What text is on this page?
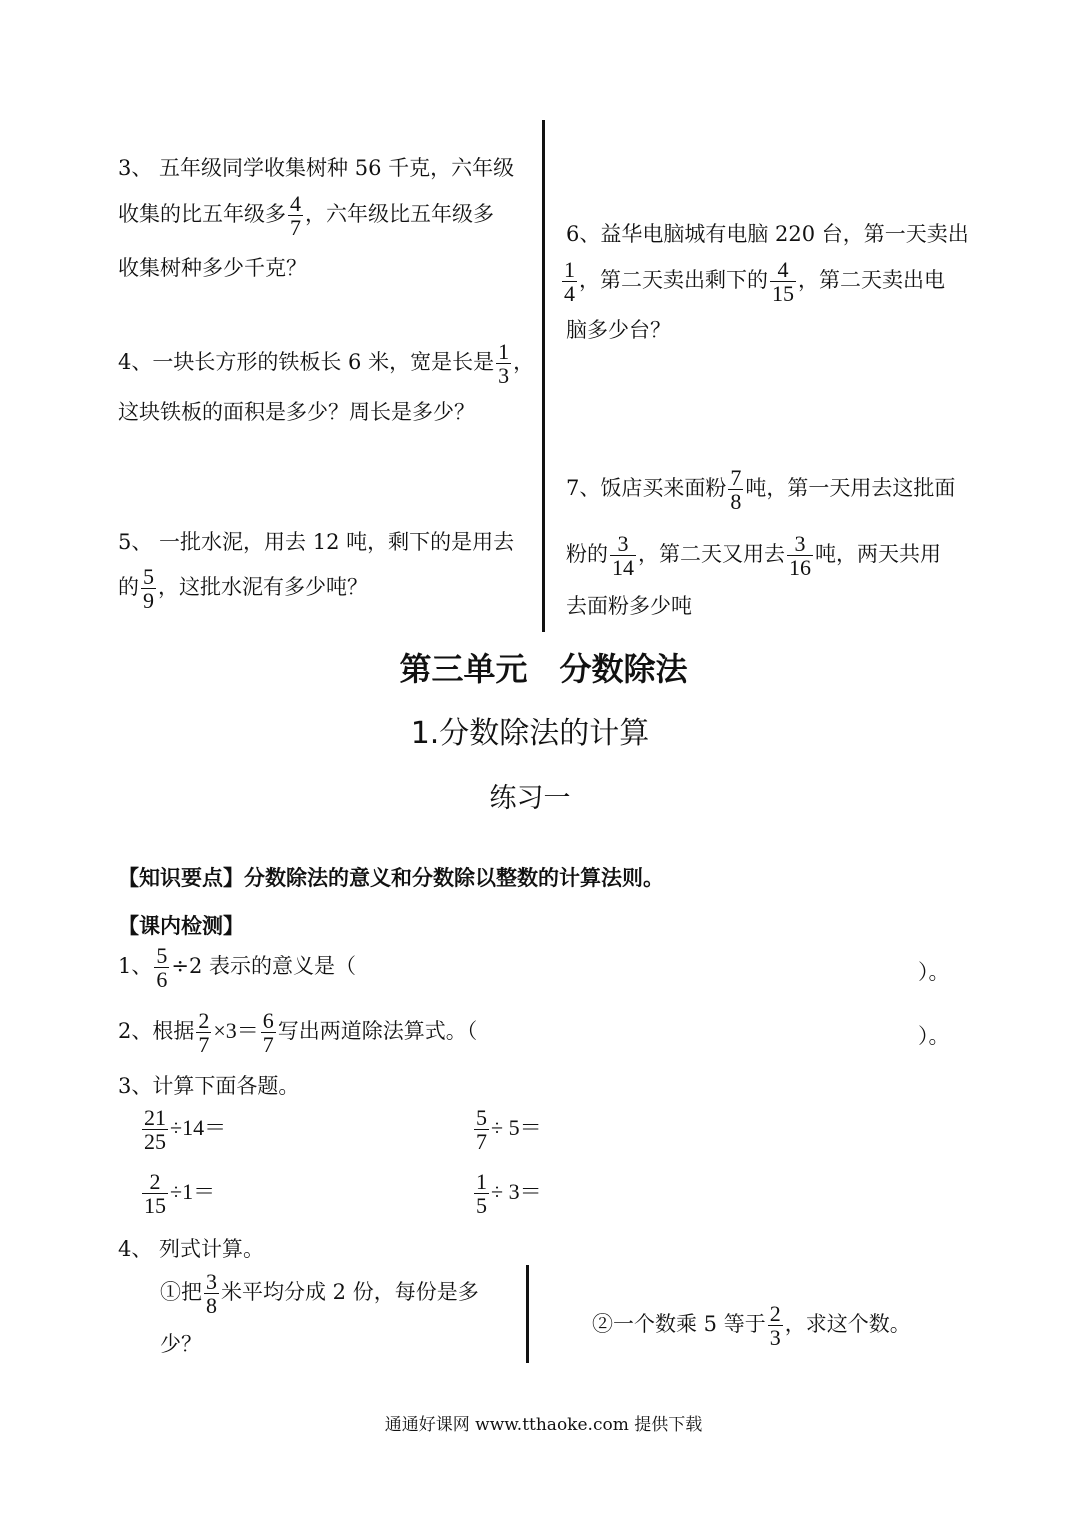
3、 五年级同学收集树种 56 千克，六年级
收集的比五年级多 $\frac{4}{7}$ ，六年级比五年级多
收集树种多少千克？
4、一块长方形的铁板长 6 米，宽是长是 $\frac{1}{3}$ ，
这块铁板的面积是多少？周长是多少？
5、 一批水泥，用去 12 吨，剩下的是用去
的 $\frac{5}{9}$ ，这批水泥有多少吨？
6、益华电脑城有电脑 220 台，第一天卖出
$\frac{1}{4}$ ，第二天卖出剩下的 $\frac{4}{15}$ ，第二天卖出电
脑多少台？
7、饭店买来面粉 $\frac{7}{8}$ 吨，第一天用去这批面
粉的 $\frac{3}{14}$ ，第二天又用去 $\frac{3}{16}$ 吨，两天共用
去面粉多少吨
第三单元　分数除法
1.分数除法的计算
练习一
【知识要点】分数除法的意义和分数除以整数的计算法则。
【课内检测】
1、 $\frac{5}{6} \div 2$ 表示的意义是（	）。
2、根据 $\frac{2}{7} \times 3= \frac{6}{7}$ 写出两道除法算式。（	）。
3、计算下面各题。
$\frac{21}{25} \div 14=$	$\frac{5}{7} \div 5=$
$\frac{2}{15} \div 1=$	$\frac{1}{5} \div 3=$
4、 列式计算。
①把 $\frac{3}{8}$ 米平均分成 2 份，每份是多
少？
②一个数乘 5 等于 $\frac{2}{3}$ ，求这个数。
通通好课网 www.tthaoke.com 提供下载
